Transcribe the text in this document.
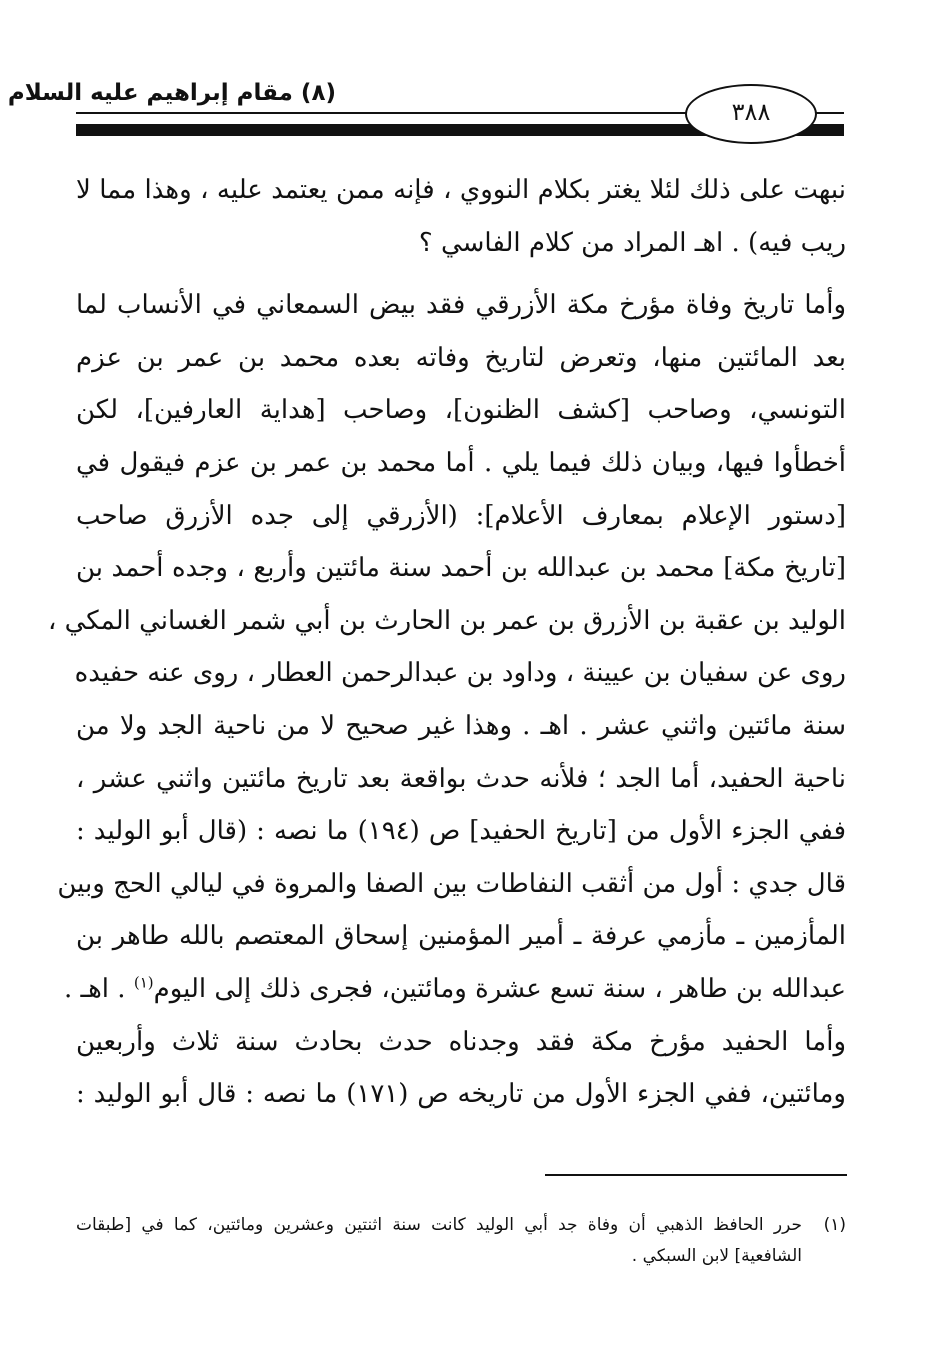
(٨) مقام إبراهيم عليه السلام
٣٨٨
نبهت على ذلك لئلا يغتر بكلام النووي ، فإنه ممن يعتمد عليه ، وهذا مما لا
ريب فيه) . اهـ المراد من كلام الفاسي ؟
وأما تاريخ وفاة مؤرخ مكة الأزرقي فقد بيض السمعاني في الأنساب لما
بعد المائتين منها، وتعرض لتاريخ وفاته بعده محمد بن عمر بن عزم
التونسي، وصاحب [كشف الظنون]، وصاحب [هداية العارفين]، لكن
أخطأوا فيها، وبيان ذلك فيما يلي . أما محمد بن عمر بن عزم فيقول في
[دستور الإعلام بمعارف الأعلام]: (الأزرقي إلى جده الأزرق صاحب
[تاريخ مكة] محمد بن عبدالله بن أحمد سنة مائتين وأربع ، وجده أحمد بن
الوليد بن عقبة بن الأزرق بن عمر بن الحارث بن أبي شمر الغساني المكي ،
روى عن سفيان بن عيينة ، وداود بن عبدالرحمن العطار ، روى عنه حفيده
سنة مائتين واثني عشر . اهـ . وهذا غير صحيح لا من ناحية الجد ولا من
ناحية الحفيد، أما الجد ؛ فلأنه حدث بواقعة بعد تاريخ مائتين واثني عشر ،
ففي الجزء الأول من [تاريخ الحفيد] ص (١٩٤) ما نصه : (قال أبو الوليد :
قال جدي : أول من أثقب النفاطات بين الصفا والمروة في ليالي الحج وبين
المأزمين ـ مأزمي عرفة ـ أمير المؤمنين إسحاق المعتصم بالله طاهر بن
عبدالله بن طاهر ، سنة تسع عشرة ومائتين، فجرى ذلك إلى اليوم$^{(١)}$ . اهـ .
وأما الحفيد مؤرخ مكة فقد وجدناه حدث بحادث سنة ثلاث وأربعين
ومائتين، ففي الجزء الأول من تاريخه ص (١٧١) ما نصه : قال أبو الوليد :
(١)حرر الحافظ الذهبي أن وفاة جد أبي الوليد كانت سنة اثنتين وعشرين ومائتين، كما في [طبقات
الشافعية] لابن السبكي .
